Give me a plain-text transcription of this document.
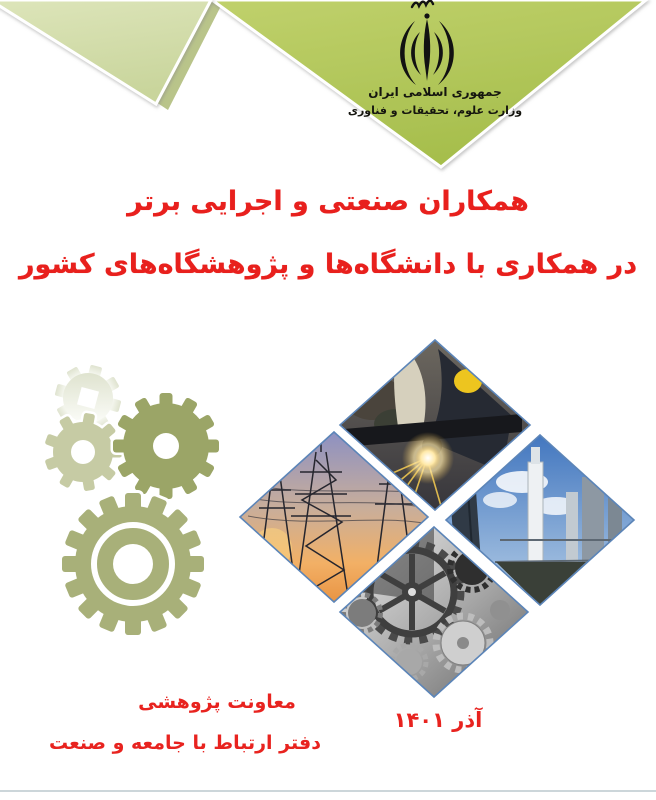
جمهوری اسلامی ایران
وزارت علوم، تحقیقات و فناوری
همکاران صنعتی و اجرایی برتر
در همکاری با دانشگاه‌ها و پژوهشگاه‌های کشور
معاونت پژوهشی
دفتر ارتباط با جامعه و صنعت
آذر ۱۴۰۱
